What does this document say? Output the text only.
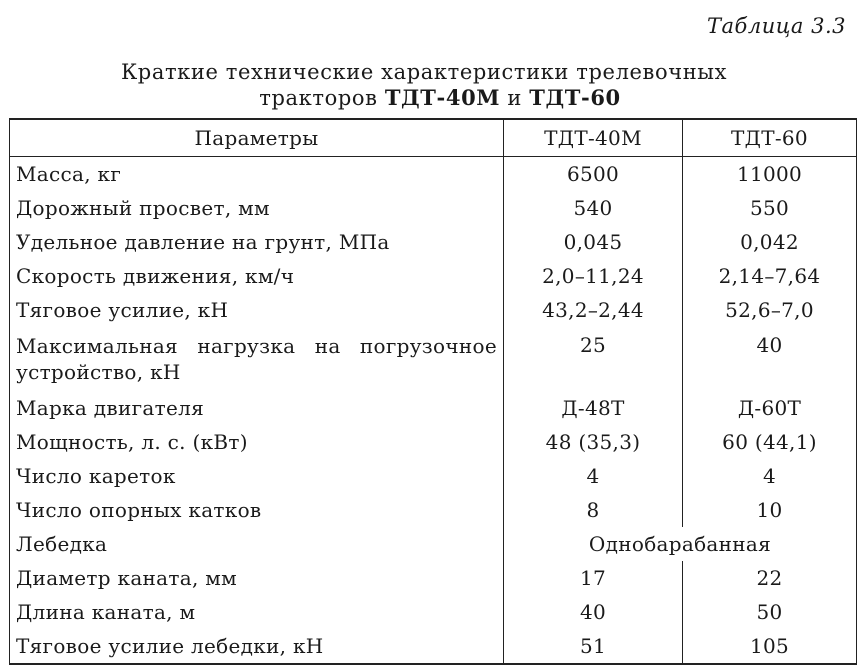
Таблица 3.3
Краткие технические характеристики трелевочных
тракторов ТДТ-40М и ТДТ-60
Параметры	ТДТ-40М	ТДТ-60
Масса, кг	6500	11000
Дорожный просвет, мм	540	550
Удельное давление на грунт, МПа	0,045	0,042
Скорость движения, км/ч	2,0–11,24	2,14–7,64
Тяговое усилие, кН	43,2–2,44	52,6–7,0
Максимальная нагрузка на погрузочное устройство, кН	25	40
Марка двигателя	Д-48Т	Д-60Т
Мощность, л. с. (кВт)	48 (35,3)	60 (44,1)
Число кареток	4	4
Число опорных катков	8	10
Лебедка	Однобарабанная	
Диаметр каната, мм	17	22
Длина каната, м	40	50
Тяговое усилие лебедки, кН	51	105
